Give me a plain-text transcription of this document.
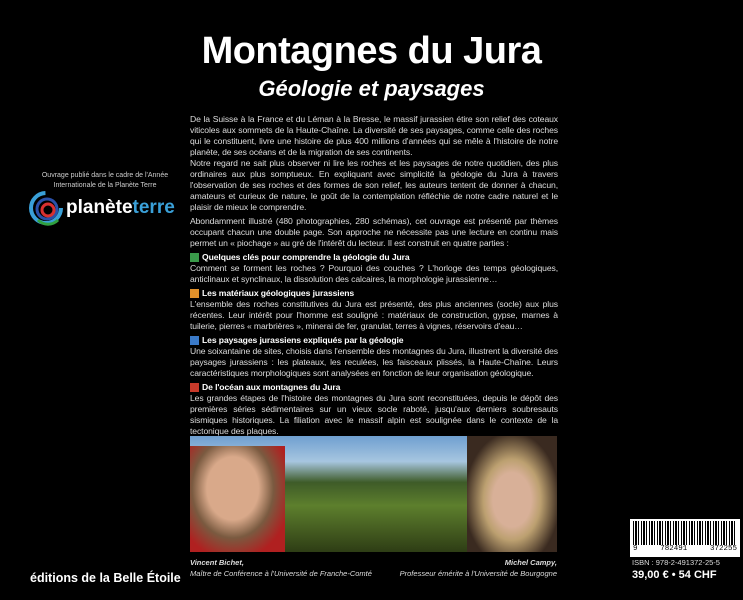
Montagnes du Jura
Géologie et paysages
Ouvrage publié dans le cadre de l'Année Internationale de la Planète Terre
planèteterre

De la Suisse à la France et du Léman à la Bresse, le massif jurassien étire son relief des coteaux viticoles aux sommets de la Haute-Chaîne. La diversité de ses paysages, comme celle des roches qui le constituent, livre une histoire de plus 400 millions d'années qui se mêle à l'histoire de notre planète, de ses océans et de la migration de ses continents.

Notre regard ne sait plus observer ni lire les roches et les paysages de notre quotidien, des plus ordinaires aux plus somptueux. En expliquant avec simplicité la géologie du Jura à travers l'observation de ses roches et des formes de son relief, les auteurs tentent de donner à chacun, amateurs et curieux de nature, le goût de la contemplation réfléchie de notre cadre naturel et le plaisir de mieux le comprendre.

Abondamment illustré (480 photographies, 280 schémas), cet ouvrage est présenté par thèmes occupant chacun une double page. Son approche ne nécessite pas une lecture en continu mais permet un « piochage » au gré de l'intérêt du lecteur. Il est construit en quatre parties :

Quelques clés pour comprendre la géologie du Jura
Comment se forment les roches ? Pourquoi des couches ? L'horloge des temps géologiques, anticlinaux et synclinaux, la dissolution des calcaires, la morphologie jurassienne…

Les matériaux géologiques jurassiens
L'ensemble des roches constitutives du Jura est présenté, des plus anciennes (socle) aux plus récentes. Leur intérêt pour l'homme est souligné : matériaux de construction, gypse, marnes à tuilerie, pierres « marbrières », minerai de fer, granulat, terres à vignes, réservoirs d'eau…

Les paysages jurassiens expliqués par la géologie
Une soixantaine de sites, choisis dans l'ensemble des montagnes du Jura, illustrent la diversité des paysages jurassiens : les plateaux, les reculées, les faisceaux plissés, la Haute-Chaîne. Leurs caractéristiques morphologiques sont analysées en fonction de leur organisation géologique.

De l'océan aux montagnes du Jura
Les grandes étapes de l'histoire des montagnes du Jura sont reconstituées, depuis le dépôt des premières séries sédimentaires sur un vieux socle raboté, jusqu'aux derniers soubresauts sismiques historiques. La filiation avec le massif alpin est soulignée dans le contexte de la tectonique des plaques.

Vincent Bichet,
Maître de Conférence à l'Université de Franche-Comté
Michel Campy,
Professeur émérite à l'Université de Bourgogne
9	782491	372255
ISBN : 978-2-491372-25-5
39,00 € • 54 CHF
éditions de la Belle Étoile
